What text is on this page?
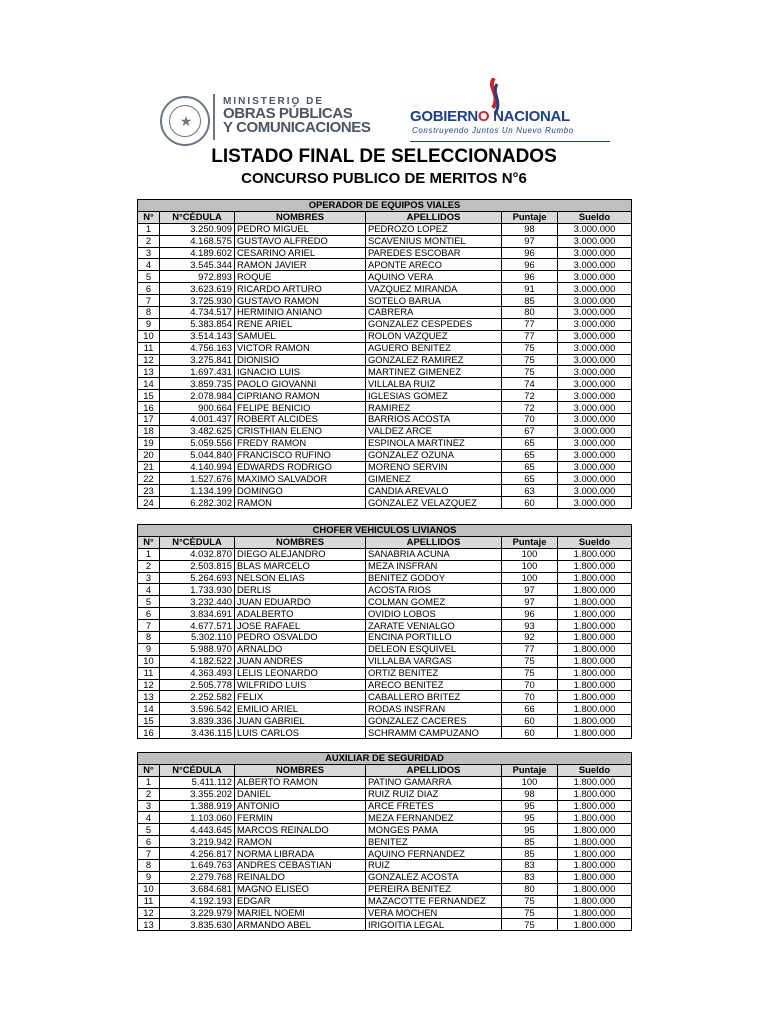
★
MINISTERIO DE
OBRAS PÚBLICAS
Y COMUNICACIONES
GOBIERNO NACIONAL
Construyendo Juntos Un Nuevo Rumbo
LISTADO FINAL DE SELECCIONADOS
CONCURSO PUBLICO DE MERITOS N°6
OPERADOR DE EQUIPOS VIALES					
N°	N°CÉDULA	NOMBRES	APELLIDOS	Puntaje	Sueldo
1	3.250.909	PEDRO MIGUEL	PEDROZO LOPEZ	98	3.000.000
2	4.168.575	GUSTAVO ALFREDO	SCAVENIUS MONTIEL	97	3.000.000
3	4.189.602	CESARINO ARIEL	PAREDES ESCOBAR	96	3.000.000
4	3.545.344	RAMON JAVIER	APONTE ARECO	96	3.000.000
5	972.893	ROQUE	AQUINO VERA	96	3.000.000
6	3.623.619	RICARDO ARTURO	VAZQUEZ MIRANDA	91	3.000.000
7	3.725.930	GUSTAVO RAMON	SOTELO BARUA	85	3.000.000
8	4.734.517	HERMINIO ANIANO	CABRERA	80	3.000.000
9	5.383.854	RENE ARIEL	GONZALEZ CESPEDES	77	3.000.000
10	3.514.143	SAMUEL	ROLON VAZQUEZ	77	3.000.000
11	4.756.163	VICTOR RAMON	AGUERO BENITEZ	75	3.000.000
12	3.275.841	DIONISIO	GONZALEZ RAMIREZ	75	3.000.000
13	1.697.431	IGNACIO LUIS	MARTINEZ GIMENEZ	75	3.000.000
14	3.859.735	PAOLO GIOVANNI	VILLALBA RUIZ	74	3.000.000
15	2.078.984	CIPRIANO RAMON	IGLESIAS GOMEZ	72	3.000.000
16	900.664	FELIPE BENICIO	RAMIREZ	72	3.000.000
17	4.001.437	ROBERT ALCIDES	BARRIOS ACOSTA	70	3.000.000
18	3.482.625	CRISTHIAN ELENO	VALDEZ ARCE	67	3.000.000
19	5.059.556	FREDY RAMON	ESPINOLA MARTINEZ	65	3.000.000
20	5.044.840	FRANCISCO RUFINO	GONZALEZ OZUNA	65	3.000.000
21	4.140.994	EDWARDS RODRIGO	MORENO SERVIN	65	3.000.000
22	1.527.676	MAXIMO SALVADOR	GIMENEZ	65	3.000.000
23	1.134.199	DOMINGO	CANDIA AREVALO	63	3.000.000
24	6.282.302	RAMON	GONZALEZ VELAZQUEZ	60	3.000.000
CHOFER VEHICULOS LIVIANOS					
N°	N°CÉDULA	NOMBRES	APELLIDOS	Puntaje	Sueldo
1	4.032.870	DIEGO ALEJANDRO	SANABRIA ACUNA	100	1.800.000
2	2.503.815	BLAS MARCELO	MEZA INSFRAN	100	1.800.000
3	5.264.693	NELSON ELIAS	BENITEZ GODOY	100	1.800.000
4	1.733.930	DERLIS	ACOSTA RIOS	97	1.800.000
5	3.232.440	JUAN EDUARDO	COLMAN GOMEZ	97	1.800.000
6	3.834.691	ADALBERTO	OVIDIO LOBOS	96	1.800.000
7	4.677.571	JOSE RAFAEL	ZARATE VENIALGO	93	1.800.000
8	5.302.110	PEDRO OSVALDO	ENCINA PORTILLO	92	1.800.000
9	5.988.970	ARNALDO	DELEON ESQUIVEL	77	1.800.000
10	4.182.522	JUAN ANDRES	VILLALBA VARGAS	75	1.800.000
11	4.363.493	LELIS LEONARDO	ORTIZ BENITEZ	75	1.800.000
12	2.505.778	WILFRIDO LUIS	ARECO BENITEZ	70	1.800.000
13	2.252.582	FELIX	CABALLERO BRITEZ	70	1.800.000
14	3.596.542	EMILIO ARIEL	RODAS INSFRAN	66	1.800.000
15	3.839.336	JUAN GABRIEL	GONZALEZ CACERES	60	1.800.000
16	3.436.115	LUIS CARLOS	SCHRAMM CAMPUZANO	60	1.800.000
AUXILIAR DE SEGURIDAD					
N°	N°CÉDULA	NOMBRES	APELLIDOS	Puntaje	Sueldo
1	5.411.112	ALBERTO RAMON	PATINO GAMARRA	100	1.800.000
2	3.355.202	DANIEL	RUIZ RUIZ DIAZ	98	1.800.000
3	1.388.919	ANTONIO	ARCE FRETES	95	1.800.000
4	1.103.060	FERMIN	MEZA FERNANDEZ	95	1.800.000
5	4.443.645	MARCOS REINALDO	MONGES PAMA	95	1.800.000
6	3.219.942	RAMON	BENITEZ	85	1.800.000
7	4.256.817	NORMA LIBRADA	AQUINO FERNANDEZ	85	1.800.000
8	1.649.763	ANDRES CEBASTIAN	RUIZ	83	1.800.000
9	2.279.768	REINALDO	GONZALEZ ACOSTA	83	1.800.000
10	3.684.681	MAGNO ELISEO	PEREIRA BENITEZ	80	1.800.000
11	4.192.193	EDGAR	MAZACOTTE FERNANDEZ	75	1.800.000
12	3.229.979	MARIEL NOEMI	VERA MOCHEN	75	1.800.000
13	3.835.630	ARMANDO ABEL	IRIGOITIA LEGAL	75	1.800.000
